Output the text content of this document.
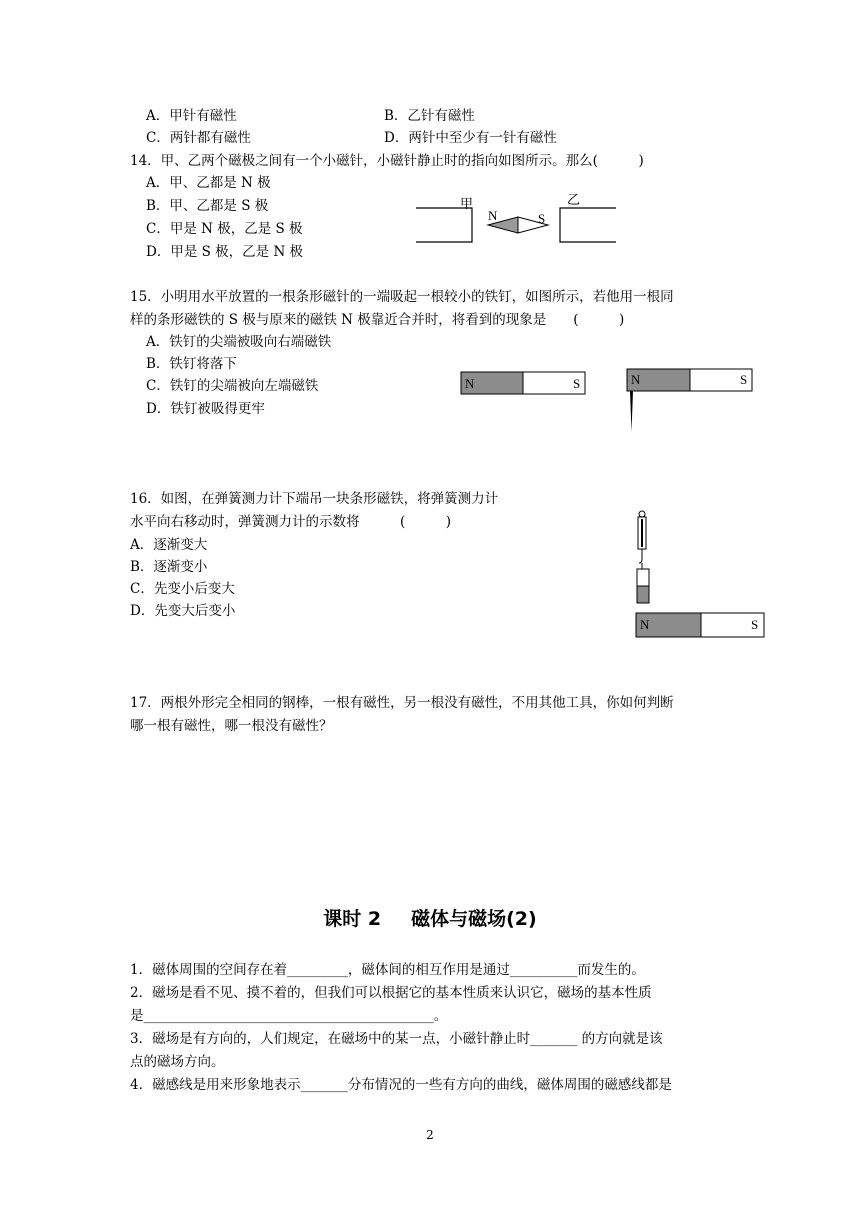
A．甲针有磁性	B．乙针有磁性
C．两针都有磁性	D．两针中至少有一针有磁性
14．甲、乙两个磁极之间有一个小磁针，小磁针静止时的指向如图所示。那么(　　　)
A．甲、乙都是 N 极
B．甲、乙都是 S 极
C．甲是 N 极，乙是 S 极
D．甲是 S 极，乙是 N 极
甲	乙
N	S
15．小明用水平放置的一根条形磁针的一端吸起一根较小的铁钉，如图所示，若他用一根同
样的条形磁铁的 S 极与原来的磁铁 N 极靠近合并时，将看到的现象是　　(　　　)
A．铁钉的尖端被吸向右端磁铁
B．铁钉将落下
C．铁钉的尖端被向左端磁铁
D．铁钉被吸得更牢
N	S	N	S
16．如图，在弹簧测力计下端吊一块条形磁铁，将弹簧测力计
水平向右移动时，弹簧测力计的示数将　　　(　　　)
A．逐渐变大
B．逐渐变小
C．先变小后变大
D．先变大后变小
N	S
17．两根外形完全相同的钢棒，一根有磁性，另一根没有磁性，不用其他工具，你如何判断
哪一根有磁性，哪一根没有磁性？
课时 2 磁体与磁场(2)
1．磁体周围的空间存在着_________，磁体间的相互作用是通过__________而发生的。
2．磁场是看不见、摸不着的，但我们可以根据它的基本性质来认识它，磁场的基本性质
是___________________________________________。
3．磁场是有方向的，人们规定，在磁场中的某一点，小磁针静止时_______ 的方向就是该
点的磁场方向。
4．磁感线是用来形象地表示_______分布情况的一些有方向的曲线，磁体周围的磁感线都是
2
